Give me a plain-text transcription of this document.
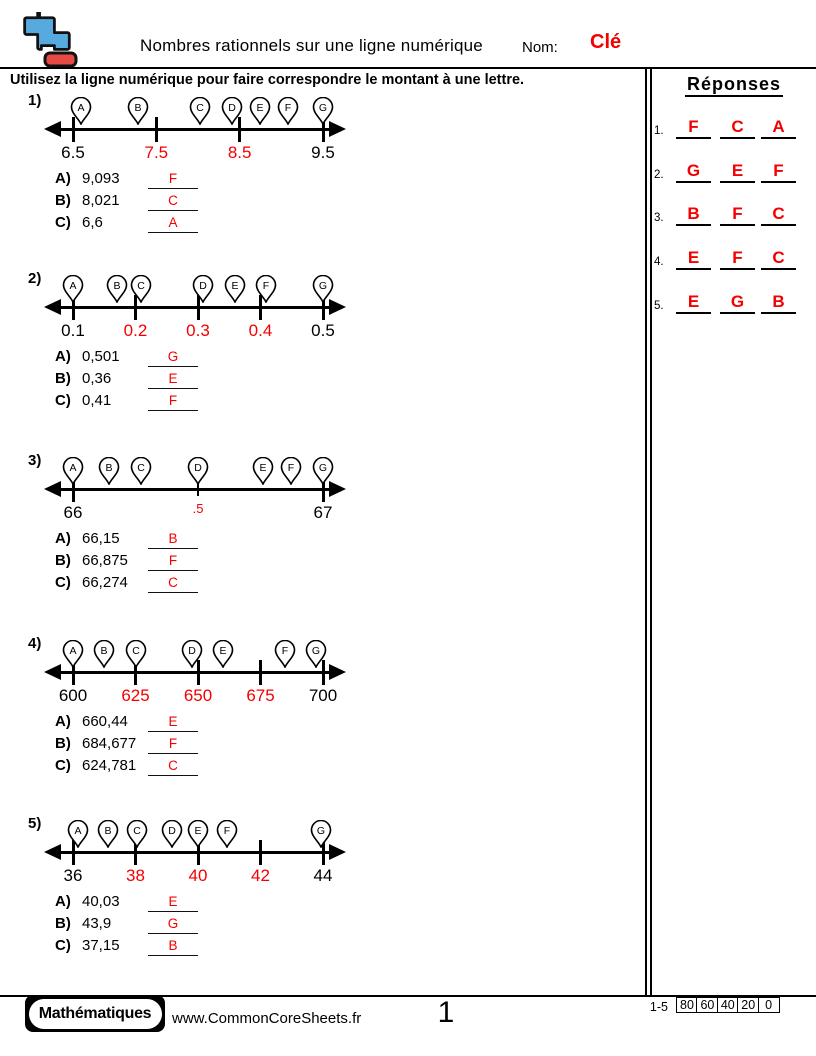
Nombres rationnels sur une ligne numérique	Nom: Clé
Utilisez la ligne numérique pour faire correspondre le montant à une lettre.
1)
6.5	7.5	8.5	9.5
A	B	C D E F	G
A) 9,093	F
B) 8,021	C
C) 6,6	A
2)
0.1	0.2	0.3	0.4	0.5
A	B C	D E F	G
A) 0,501	G
B) 0,36	E
C) 0,41	F
3)
66	.5	67
A	B C	D	E F G
A) 66,15	B
B) 66,875	F
C) 66,274	C
4)
600	625	650	675	700
A B C	D E	F G
A) 660,44	E
B) 684,677	F
C) 624,781	C
5)
36	38	40	42	44
A B C	D E F	G
A) 40,03	E
B) 43,9	G
C) 37,15	B
Réponses
1.	F	C	A
2.	G	E	F
3.	B	F	C
4.	E	F	C
5.	E	G	B
Mathématiques	www.CommonCoreSheets.fr	1	1-5 80 60 40 20 0
